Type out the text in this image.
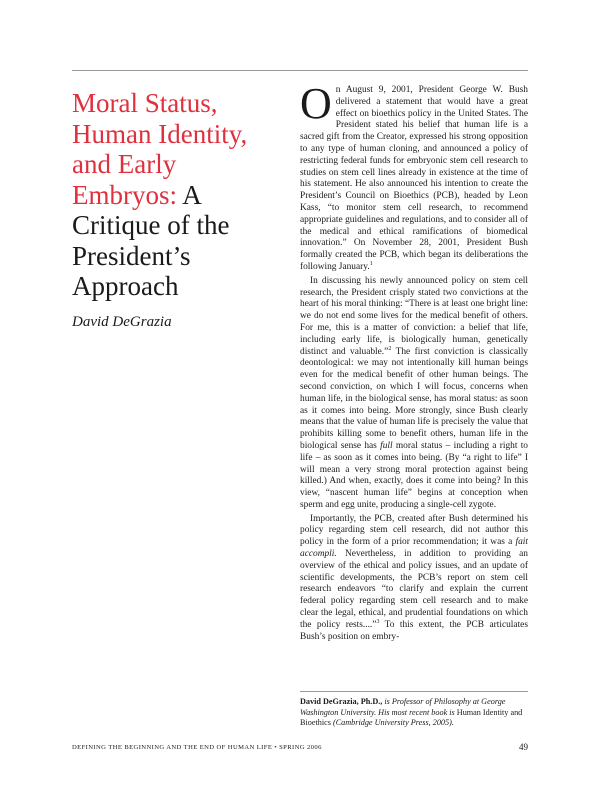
Moral Status, Human Identity, and Early Embryos: A Critique of the President’s Approach
David DeGrazia

On August 9, 2001, President George W. Bush delivered a statement that would have a great effect on bioethics policy in the United States. The President stated his belief that human life is a sacred gift from the Creator, expressed his strong opposition to any type of human cloning, and announced a policy of restricting federal funds for embryonic stem cell research to studies on stem cell lines already in existence at the time of his statement. He also announced his intention to create the President’s Council on Bioethics (PCB), headed by Leon Kass, “to monitor stem cell research, to recommend appropriate guidelines and regulations, and to consider all of the medical and ethical ramifications of biomedical innovation.” On November 28, 2001, President Bush formally created the PCB, which began its deliberations the following January.$^1$

In discussing his newly announced policy on stem cell research, the President crisply stated two convictions at the heart of his moral thinking: “There is at least one bright line: we do not end some lives for the medical benefit of others. For me, this is a matter of conviction: a belief that life, including early life, is biologically human, genetically distinct and valuable.”$^2$ The first conviction is classically deontological: we may not intentionally kill human beings even for the medical benefit of other human beings. The second conviction, on which I will focus, concerns when human life, in the biological sense, has moral status: as soon as it comes into being. More strongly, since Bush clearly means that the value of human life is precisely the value that prohibits killing some to benefit others, human life in the biological sense has full moral status – including a right to life – as soon as it comes into being. (By “a right to life” I will mean a very strong moral protection against being killed.) And when, exactly, does it come into being? In this view, “nascent human life” begins at conception when sperm and egg unite, producing a single-cell zygote.

Importantly, the PCB, created after Bush determined his policy regarding stem cell research, did not author this policy in the form of a prior recommendation; it was a fait accompli. Nevertheless, in addition to providing an overview of the ethical and policy issues, and an update of scientific developments, the PCB’s report on stem cell research endeavors “to clarify and explain the current federal policy regarding stem cell research and to make clear the legal, ethical, and prudential foundations on which the policy rests....”$^3$ To this extent, the PCB articulates Bush’s position on embry-

David DeGrazia, Ph.D., is Professor of Philosophy at George Washington University. His most recent book is Human Identity and Bioethics (Cambridge University Press, 2005).
DEFINING THE BEGINNING AND THE END OF HUMAN LIFE • SPRING 2006	49
